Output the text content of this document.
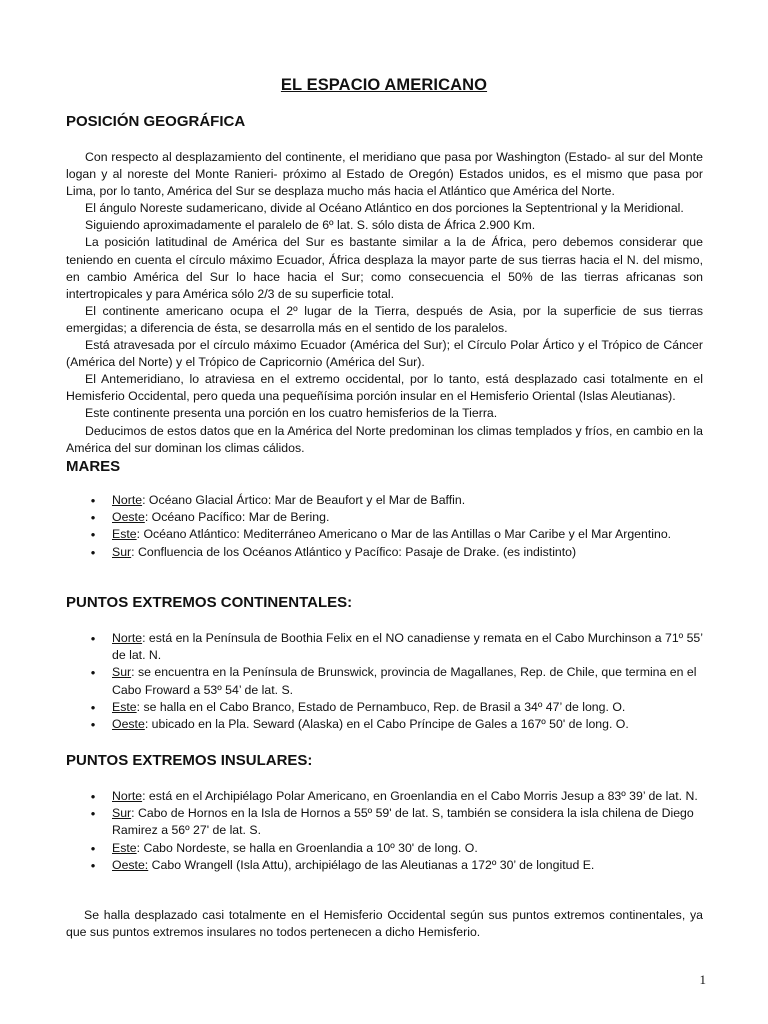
EL ESPACIO AMERICANO
POSICIÓN GEOGRÁFICA

Con respecto al desplazamiento del continente, el meridiano que pasa por Washington (Estado- al sur del Monte logan y al noreste del Monte Ranieri- próximo al Estado de Oregón) Estados unidos, es el mismo que pasa por Lima, por lo tanto, América del Sur se desplaza mucho más hacia el Atlántico que América del Norte.

El ángulo Noreste sudamericano, divide al Océano Atlántico en dos porciones la Septentrional y la Meridional.

Siguiendo aproximadamente el paralelo de 6º lat. S. sólo dista de África 2.900 Km.

La posición latitudinal de América del Sur es bastante similar a la de África, pero debemos considerar que teniendo en cuenta el círculo máximo Ecuador, África desplaza la mayor parte de sus tierras hacia el N. del mismo, en cambio América del Sur lo hace hacia el Sur; como consecuencia el 50% de las tierras africanas son intertropicales y para América sólo 2/3 de su superficie total.

El continente americano ocupa el 2º lugar de la Tierra, después de Asia, por la superficie de sus tierras emergidas; a diferencia de ésta, se desarrolla más en el sentido de los paralelos.

Está atravesada por el círculo máximo Ecuador (América del Sur); el Círculo Polar Ártico y el Trópico de Cáncer (América del Norte) y el Trópico de Capricornio (América del Sur).

El Antemeridiano, lo atraviesa en el extremo occidental, por lo tanto, está desplazado casi totalmente en el Hemisferio Occidental, pero queda una pequeñísima porción insular en el Hemisferio Oriental (Islas Aleutianas).

Este continente presenta una porción en los cuatro hemisferios de la Tierra.

Deducimos de estos datos que en la América del Norte predominan los climas templados y fríos, en cambio en la América del sur dominan los climas cálidos.

MARES
• Norte: Océano Glacial Ártico: Mar de Beaufort y el Mar de Baffin.
• Oeste: Océano Pacífico: Mar de Bering.
• Este: Océano Atlántico: Mediterráneo Americano o Mar de las Antillas o Mar Caribe y el Mar Argentino.
• Sur: Confluencia de los Océanos Atlántico y Pacífico: Pasaje de Drake. (es indistinto)
PUNTOS EXTREMOS CONTINENTALES:
• Norte: está en la Península de Boothia Felix en el NO canadiense y remata en el Cabo Murchinson a 71º 55’ de lat. N.
• Sur: se encuentra en la Península de Brunswick, provincia de Magallanes, Rep. de Chile, que termina en el Cabo Froward a 53º 54’ de lat. S.
• Este: se halla en el Cabo Branco, Estado de Pernambuco, Rep. de Brasil a 34º 47’ de long. O.
• Oeste: ubicado en la Pla. Seward (Alaska) en el Cabo Príncipe de Gales a 167º 50' de long. O.
PUNTOS EXTREMOS INSULARES:
• Norte: está en el Archipiélago Polar Americano, en Groenlandia en el Cabo Morris Jesup a 83º 39’ de lat. N.
• Sur: Cabo de Hornos en la Isla de Hornos a 55º 59' de lat. S, también se considera la isla chilena de Diego Ramirez a 56º 27' de lat. S.
• Este: Cabo Nordeste, se halla en Groenlandia a 10º 30' de long. O.
• Oeste: Cabo Wrangell (Isla Attu), archipiélago de las Aleutianas a 172º 30’ de longitud E.

Se halla desplazado casi totalmente en el Hemisferio Occidental según sus puntos extremos continentales, ya que sus puntos extremos insulares no todos pertenecen a dicho Hemisferio.

1
